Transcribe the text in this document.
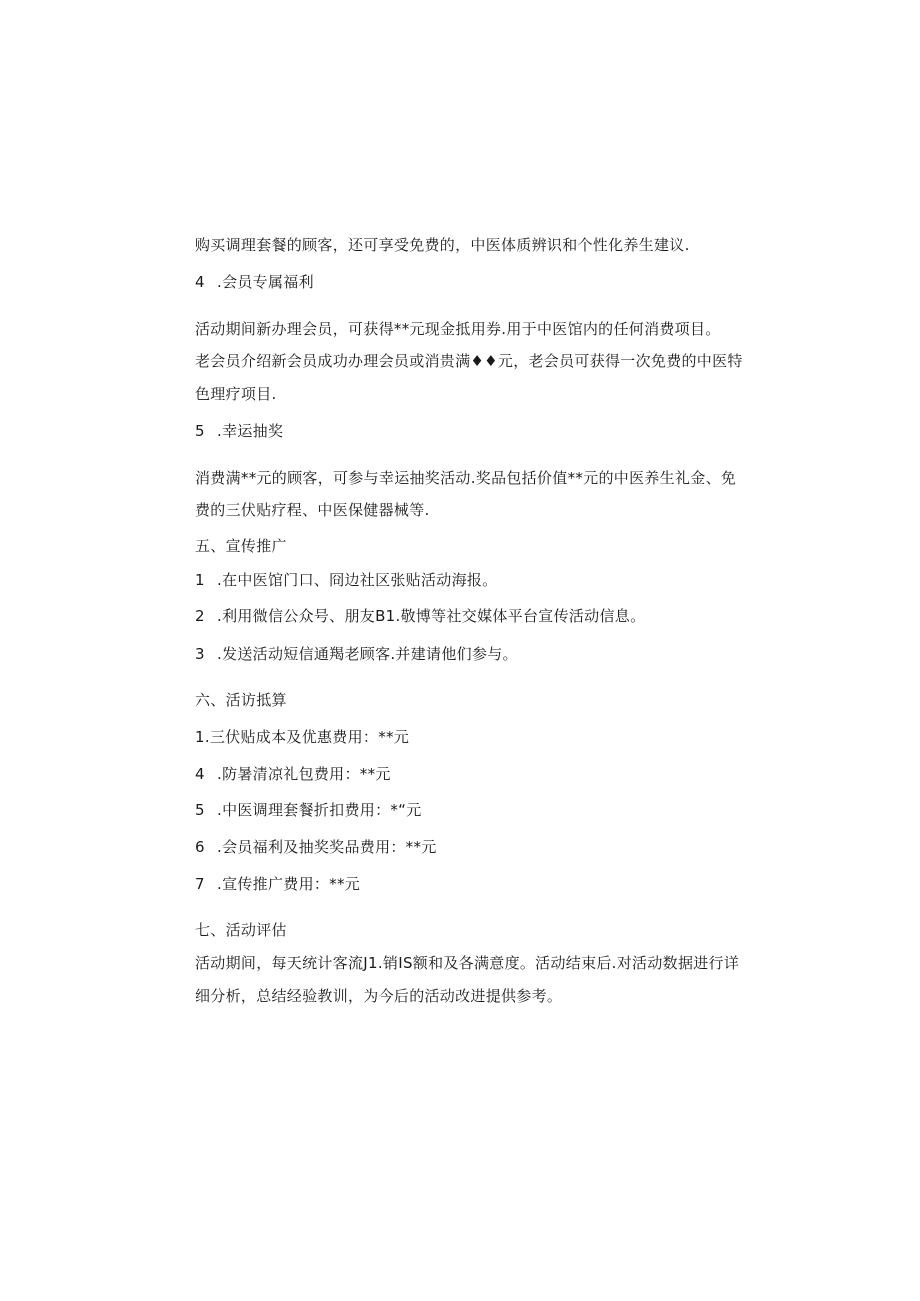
购买调理套餐的顾客，还可享受免费的，中医体质辨识和个性化养生建议.
4 .会员专属福利
活动期间新办理会员，可获得**元现金抵用券.用于中医馆内的任何消费项目。
老会员介绍新会员成功办理会员或消贵满♦♦元，老会员可获得一次免费的中医特
色理疗项目.
5 .幸运抽奖
消费满**元的顾客，可参与幸运抽奖活动.奖品包括价值**元的中医养生礼金、免
费的三伏贴疗程、中医保健器械等.
五、宣传推广
1 .在中医馆门口、冏边社区张贴活动海报。
2 .利用微信公众号、朋友B1.敬博等社交媒体平台宣传活动信息。
3 .发送活动短信通羯老顾客.并建请他们参与。
六、活访抵算
1.三伏贴成本及优惠费用：**元
4 .防暑清凉礼包费用：**元
5 .中医调理套餐折扣费用：*“元
6 .会员福利及抽奖奖品费用：**元
7 .宣传推广费用：**元
七、活动评估
活动期间，每天统计客流J1.销IS额和及各满意度。活动结束后.对活动数据进行详
细分析，总结经验教训，为今后的活动改进提供参考。
